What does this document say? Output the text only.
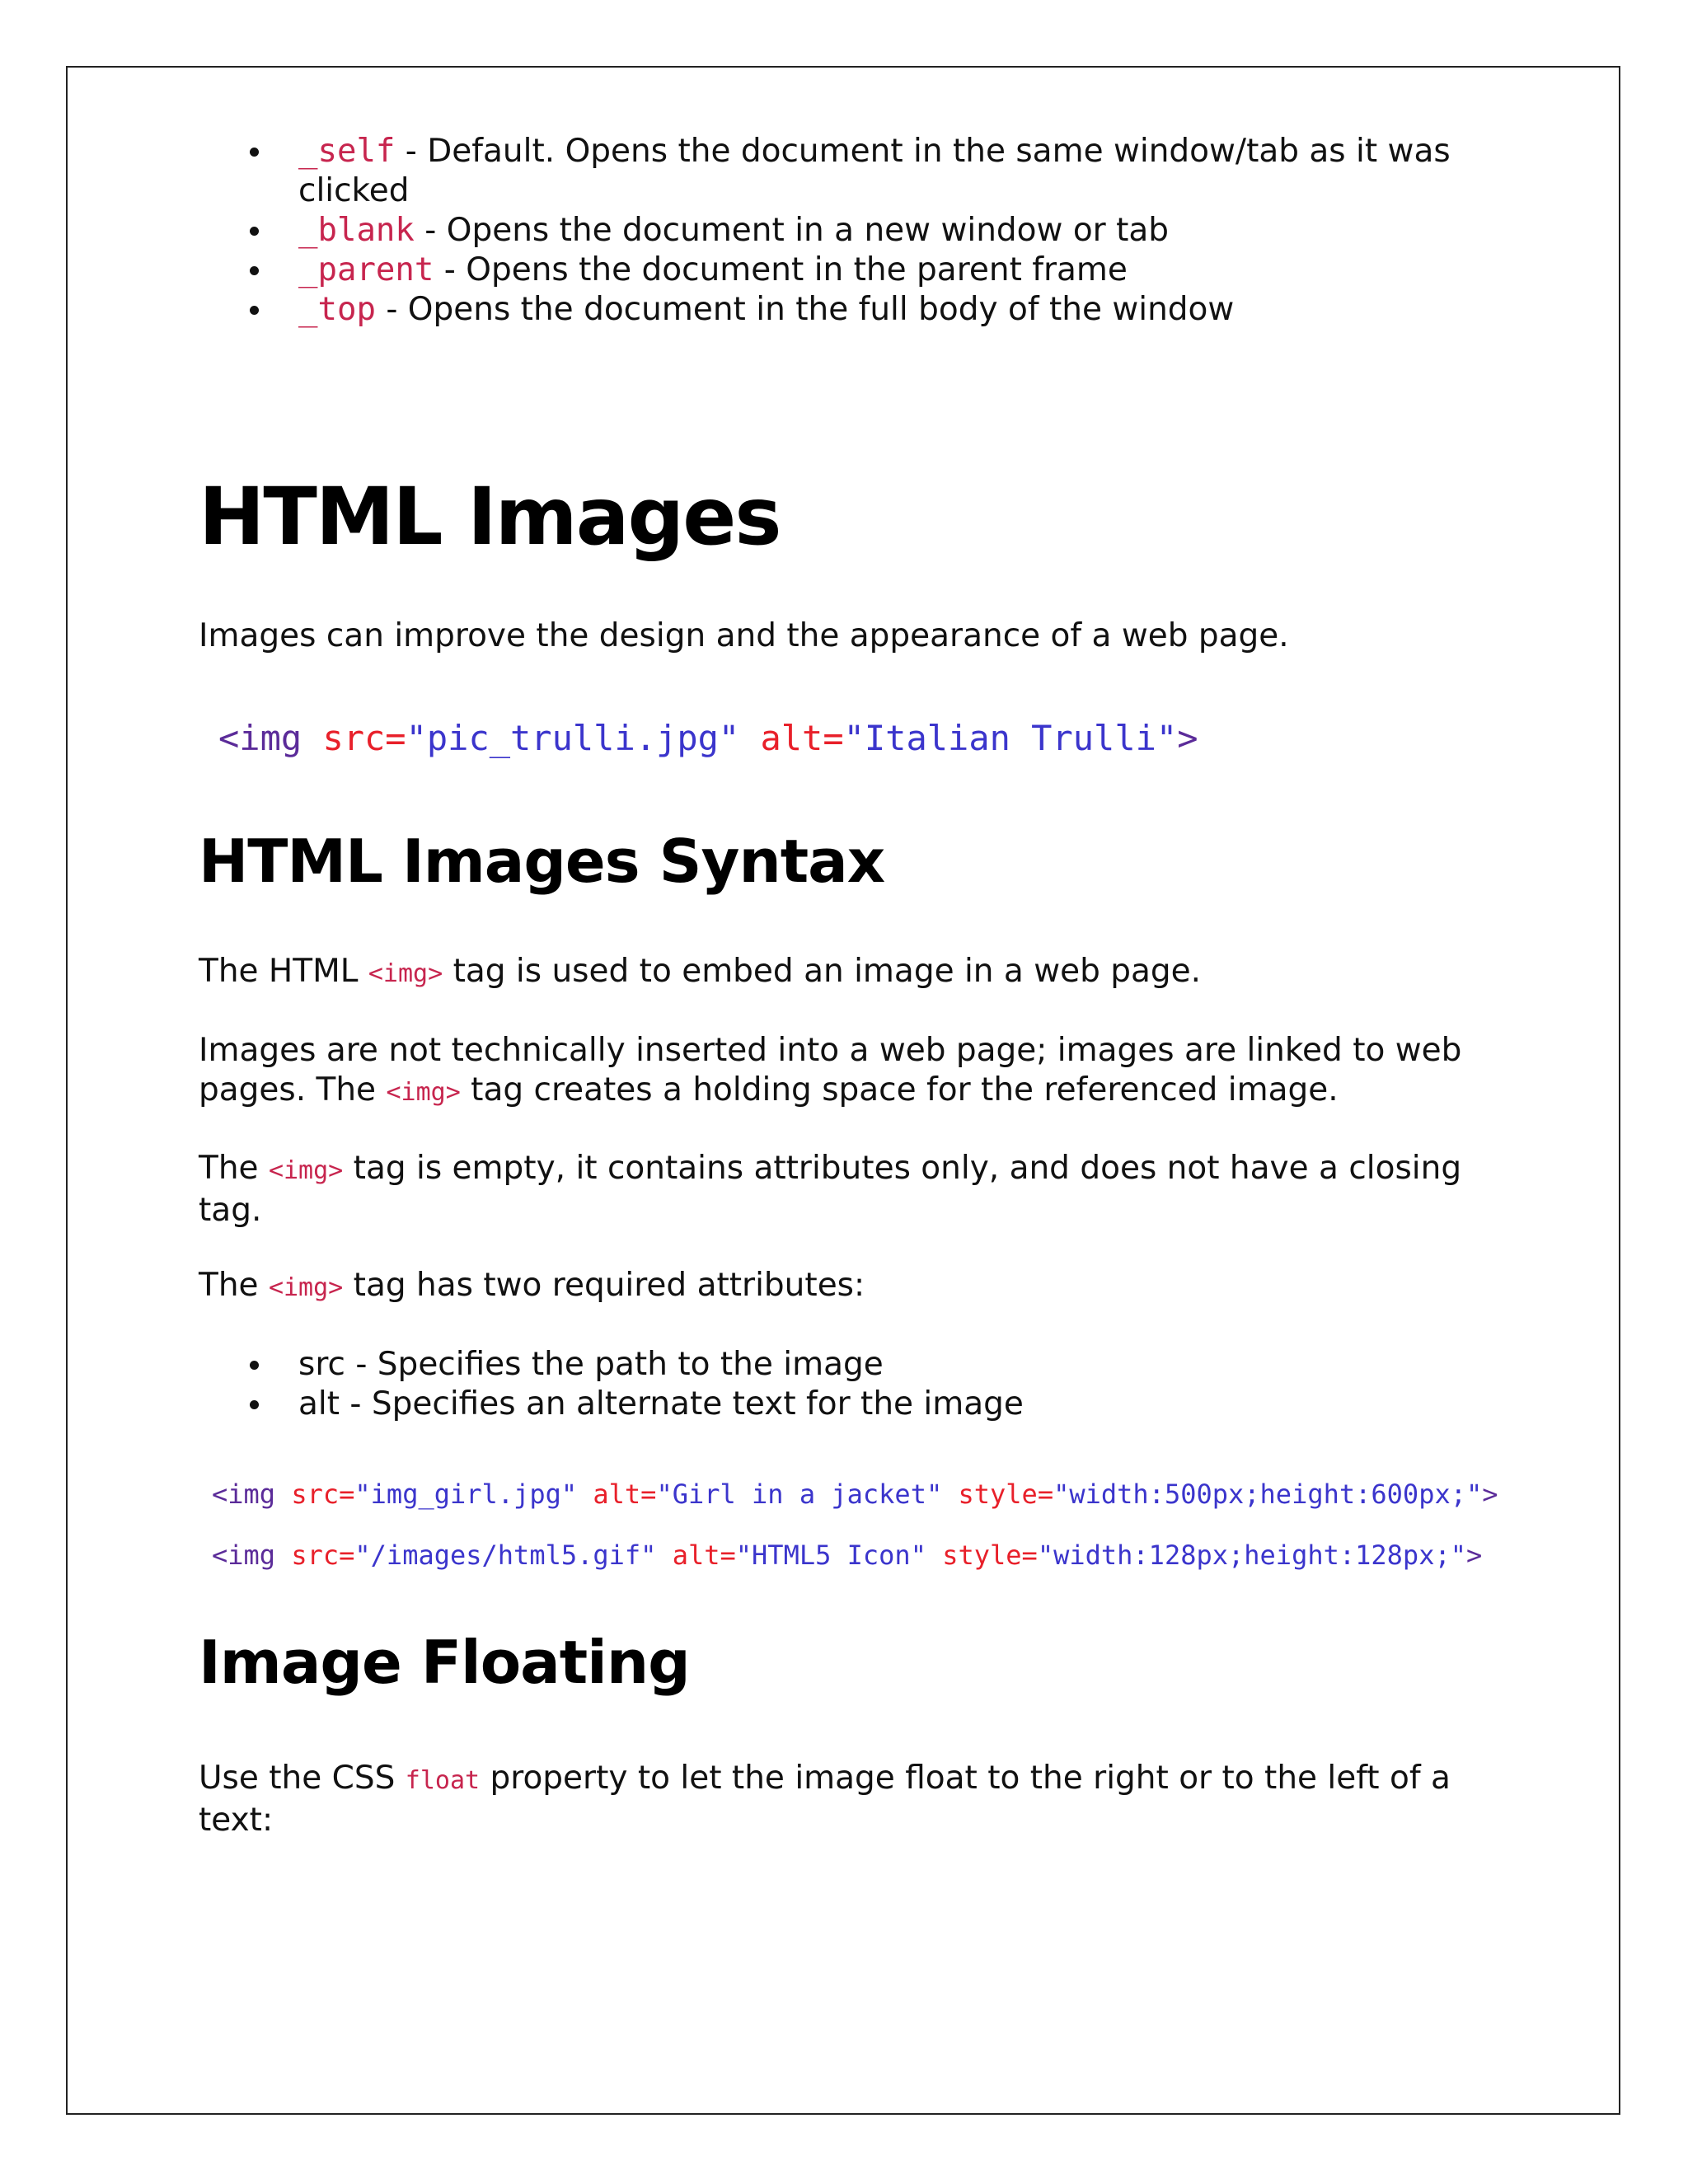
_self - Default. Opens the document in the same window/tab as it was
clicked
_blank - Opens the document in a new window or tab
_parent - Opens the document in the parent frame
_top - Opens the document in the full body of the window
HTML Images
Images can improve the design and the appearance of a web page.
<img src="pic_trulli.jpg" alt="Italian Trulli">
HTML Images Syntax
The HTML <img> tag is used to embed an image in a web page.
Images are not technically inserted into a web page; images are linked to web
pages. The <img> tag creates a holding space for the referenced image.
The <img> tag is empty, it contains attributes only, and does not have a closing
tag.
The <img> tag has two required attributes:
src - Specifies the path to the image
alt - Specifies an alternate text for the image
<img src="img_girl.jpg" alt="Girl in a jacket" style="width:500px;height:600px;">
<img src="/images/html5.gif" alt="HTML5 Icon" style="width:128px;height:128px;">
Image Floating
Use the CSS float property to let the image float to the right or to the left of a
text:
